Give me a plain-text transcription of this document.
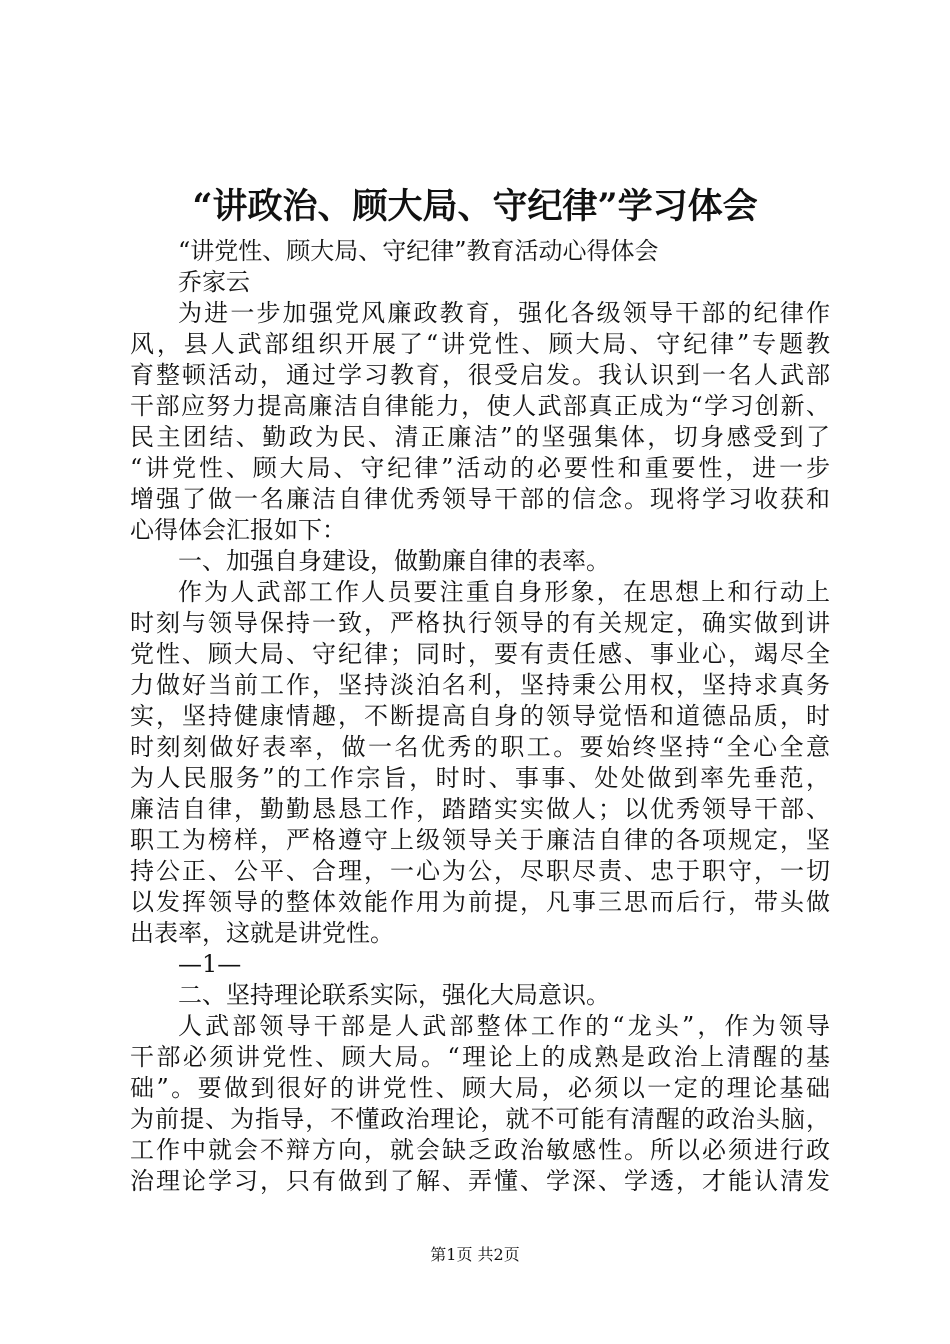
“讲政治、顾大局、守纪律”学习体会
“讲党性、顾大局、守纪律”教育活动心得体会
乔家云
为进一步加强党风廉政教育，强化各级领导干部的纪律作
风，县人武部组织开展了“讲党性、顾大局、守纪律”专题教
育整顿活动，通过学习教育，很受启发。我认识到一名人武部
干部应努力提高廉洁自律能力，使人武部真正成为“学习创新、
民主团结、勤政为民、清正廉洁”的坚强集体，切身感受到了
“讲党性、顾大局、守纪律”活动的必要性和重要性，进一步
增强了做一名廉洁自律优秀领导干部的信念。现将学习收获和
心得体会汇报如下：
一、加强自身建设，做勤廉自律的表率。
作为人武部工作人员要注重自身形象，在思想上和行动上
时刻与领导保持一致，严格执行领导的有关规定，确实做到讲
党性、顾大局、守纪律；同时，要有责任感、事业心，竭尽全
力做好当前工作，坚持淡泊名利，坚持秉公用权，坚持求真务
实，坚持健康情趣，不断提高自身的领导觉悟和道德品质，时
时刻刻做好表率，做一名优秀的职工。要始终坚持“全心全意
为人民服务”的工作宗旨，时时、事事、处处做到率先垂范，
廉洁自律，勤勤恳恳工作，踏踏实实做人；以优秀领导干部、
职工为榜样，严格遵守上级领导关于廉洁自律的各项规定，坚
持公正、公平、合理，一心为公，尽职尽责、忠于职守，一切
以发挥领导的整体效能作用为前提，凡事三思而后行，带头做
出表率，这就是讲党性。
—1—
二、坚持理论联系实际，强化大局意识。
人武部领导干部是人武部整体工作的“龙头”，作为领导
干部必须讲党性、顾大局。“理论上的成熟是政治上清醒的基
础”。要做到很好的讲党性、顾大局，必须以一定的理论基础
为前提、为指导，不懂政治理论，就不可能有清醒的政治头脑，
工作中就会不辩方向，就会缺乏政治敏感性。所以必须进行政
治理论学习，只有做到了解、弄懂、学深、学透，才能认清发
第1页 共2页
